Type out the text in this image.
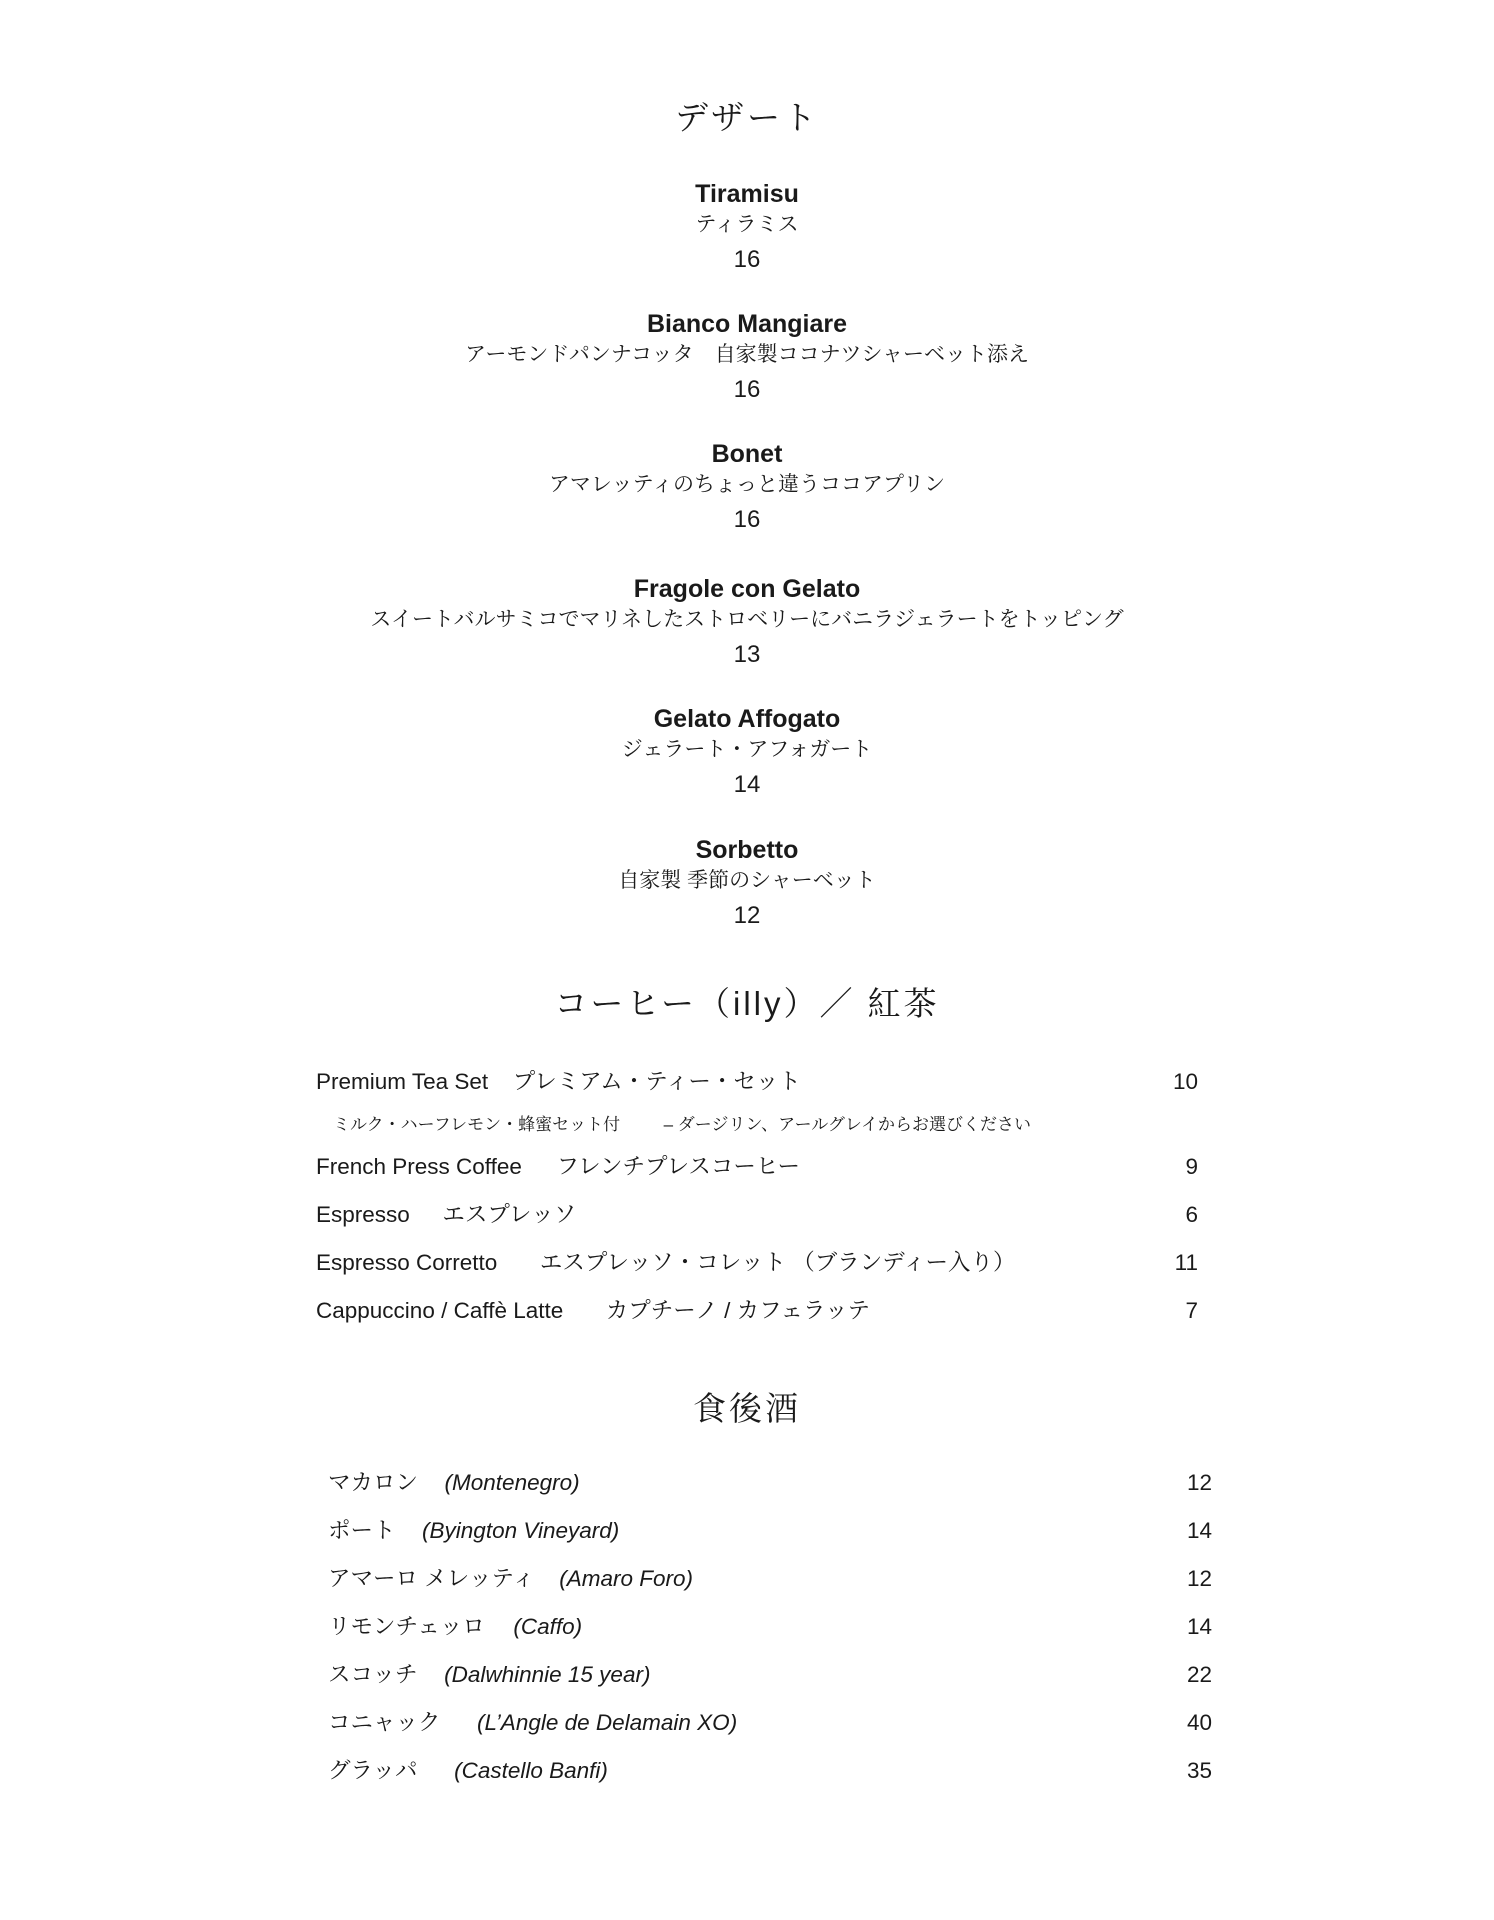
デザート
Tiramisu
ティラミス
16
Bianco Mangiare
アーモンドパンナコッタ　自家製ココナツシャーベット添え
16
Bonet
アマレッティのちょっと違うココアプリン
16
Fragole con Gelato
スイートバルサミコでマリネしたストロベリーにバニラジェラートをトッピング
13
Gelato Affogato
ジェラート・アフォガート
14
Sorbetto
自家製 季節のシャーベット
12
コーヒー（illy）／ 紅茶
Premium Tea Set プレミアム・ティー・セット	10
ミルク・ハーフレモン・蜂蜜セット付	– ダージリン、アールグレイからお選びください
French Press Coffee フレンチプレスコーヒー	9
Espresso エスプレッソ	6
Espresso Corretto エスプレッソ・コレット （ブランディー入り）	11
Cappuccino / Caffè Latte カプチーノ / カフェラッテ	7
食後酒
マカロン (Montenegro)	12
ポート (Byington Vineyard)	14
アマーロ メレッティ (Amaro Foro)	12
リモンチェッロ (Caffo)	14
スコッチ (Dalwhinnie 15 year)	22
コニャック (L’Angle de Delamain XO)	40
グラッパ (Castello Banfi)	35
